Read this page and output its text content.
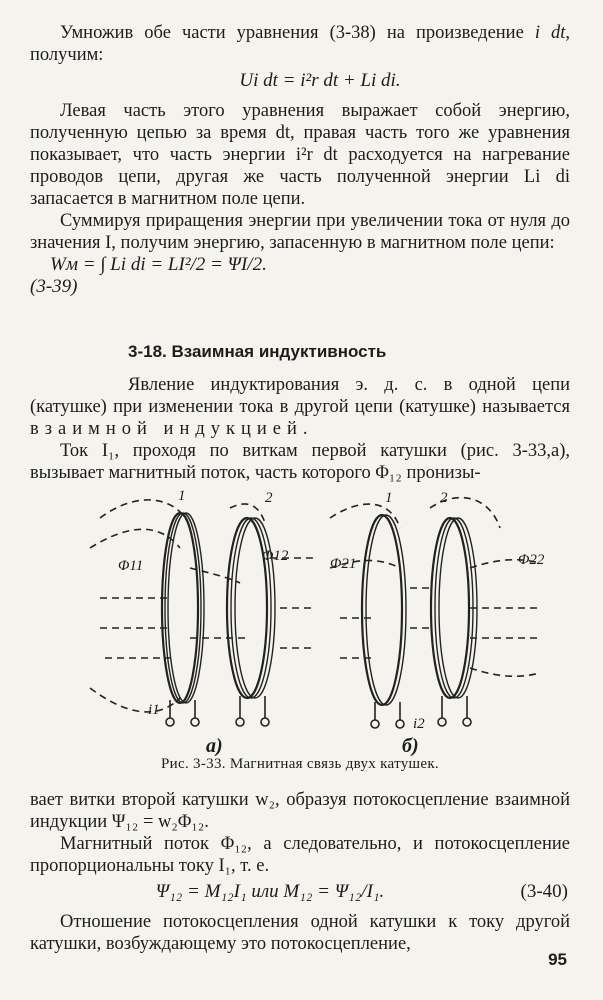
Умножив обе части уравнения (3-38) на произведение i dt, получим:

Ui dt = i²r dt + Li di.

Левая часть этого уравнения выражает собой энергию, полученную цепью за время dt, правая часть того же уравнения показывает, что часть энергии i²r dt расходуется на нагревание проводов цепи, другая же часть полученной энергии Li di запасается в магнитном поле цепи.

Суммируя приращения энергии при увеличении тока от нуля до значения I, получим энергию, запасенную в магнитном поле цепи:

Wм = ∫ Li di = LI²/2 = ΨI/2.
(3-39)
3-18. Взаимная индуктивность

Явление индуктирования э. д. с. в одной цепи (катушке) при изменении тока в другой цепи (катушке) называется взаимной индукцией.

Ток I₁, проходя по виткам первой катушки (рис. 3-33,а), вызывает магнитный поток, часть которого Φ₁₂ пронизы-

1	2
Φ11
Φ12
i1
1	2
Φ21	Φ22
i2
а)	б)
Рис. 3-33. Магнитная связь двух катушек.

вает витки второй катушки w₂, образуя потокосцепление взаимной индукции Ψ₁₂ = w₂Φ₁₂.

Магнитный поток Φ₁₂, а следовательно, и потокосцепление пропорциональны току I₁, т. е.

Ψ₁₂ = M₁₂I₁ или M₁₂ = Ψ₁₂/I₁.	(3-40)

Отношение потокосцепления одной катушки к току другой катушки, возбуждающему это потокосцепление,

95
